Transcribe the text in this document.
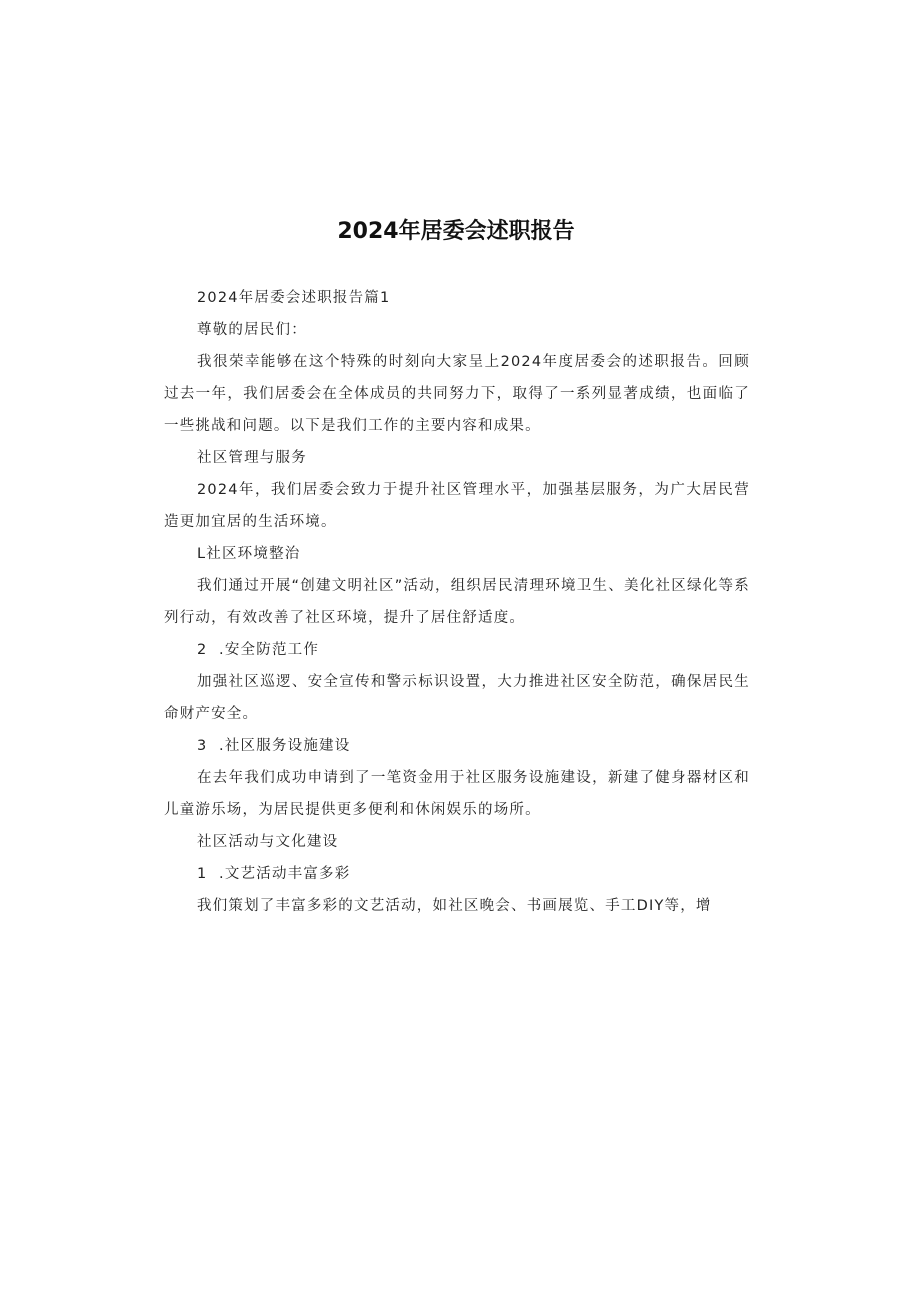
2024年居委会述职报告

2024年居委会述职报告篇1

尊敬的居民们：

我很荣幸能够在这个特殊的时刻向大家呈上2024年度居委会的述职报告。回顾过去一年，我们居委会在全体成员的共同努力下，取得了一系列显著成绩，也面临了一些挑战和问题。以下是我们工作的主要内容和成果。

社区管理与服务

2024年，我们居委会致力于提升社区管理水平，加强基层服务，为广大居民营造更加宜居的生活环境。

L社区环境整治

我们通过开展“创建文明社区”活动，组织居民清理环境卫生、美化社区绿化等系列行动，有效改善了社区环境，提升了居住舒适度。

2  .安全防范工作

加强社区巡逻、安全宣传和警示标识设置，大力推进社区安全防范，确保居民生命财产安全。

3  .社区服务设施建设

在去年我们成功申请到了一笔资金用于社区服务设施建设，新建了健身器材区和儿童游乐场，为居民提供更多便利和休闲娱乐的场所。

社区活动与文化建设

1  .文艺活动丰富多彩

我们策划了丰富多彩的文艺活动，如社区晚会、书画展览、手工DIY等，增
